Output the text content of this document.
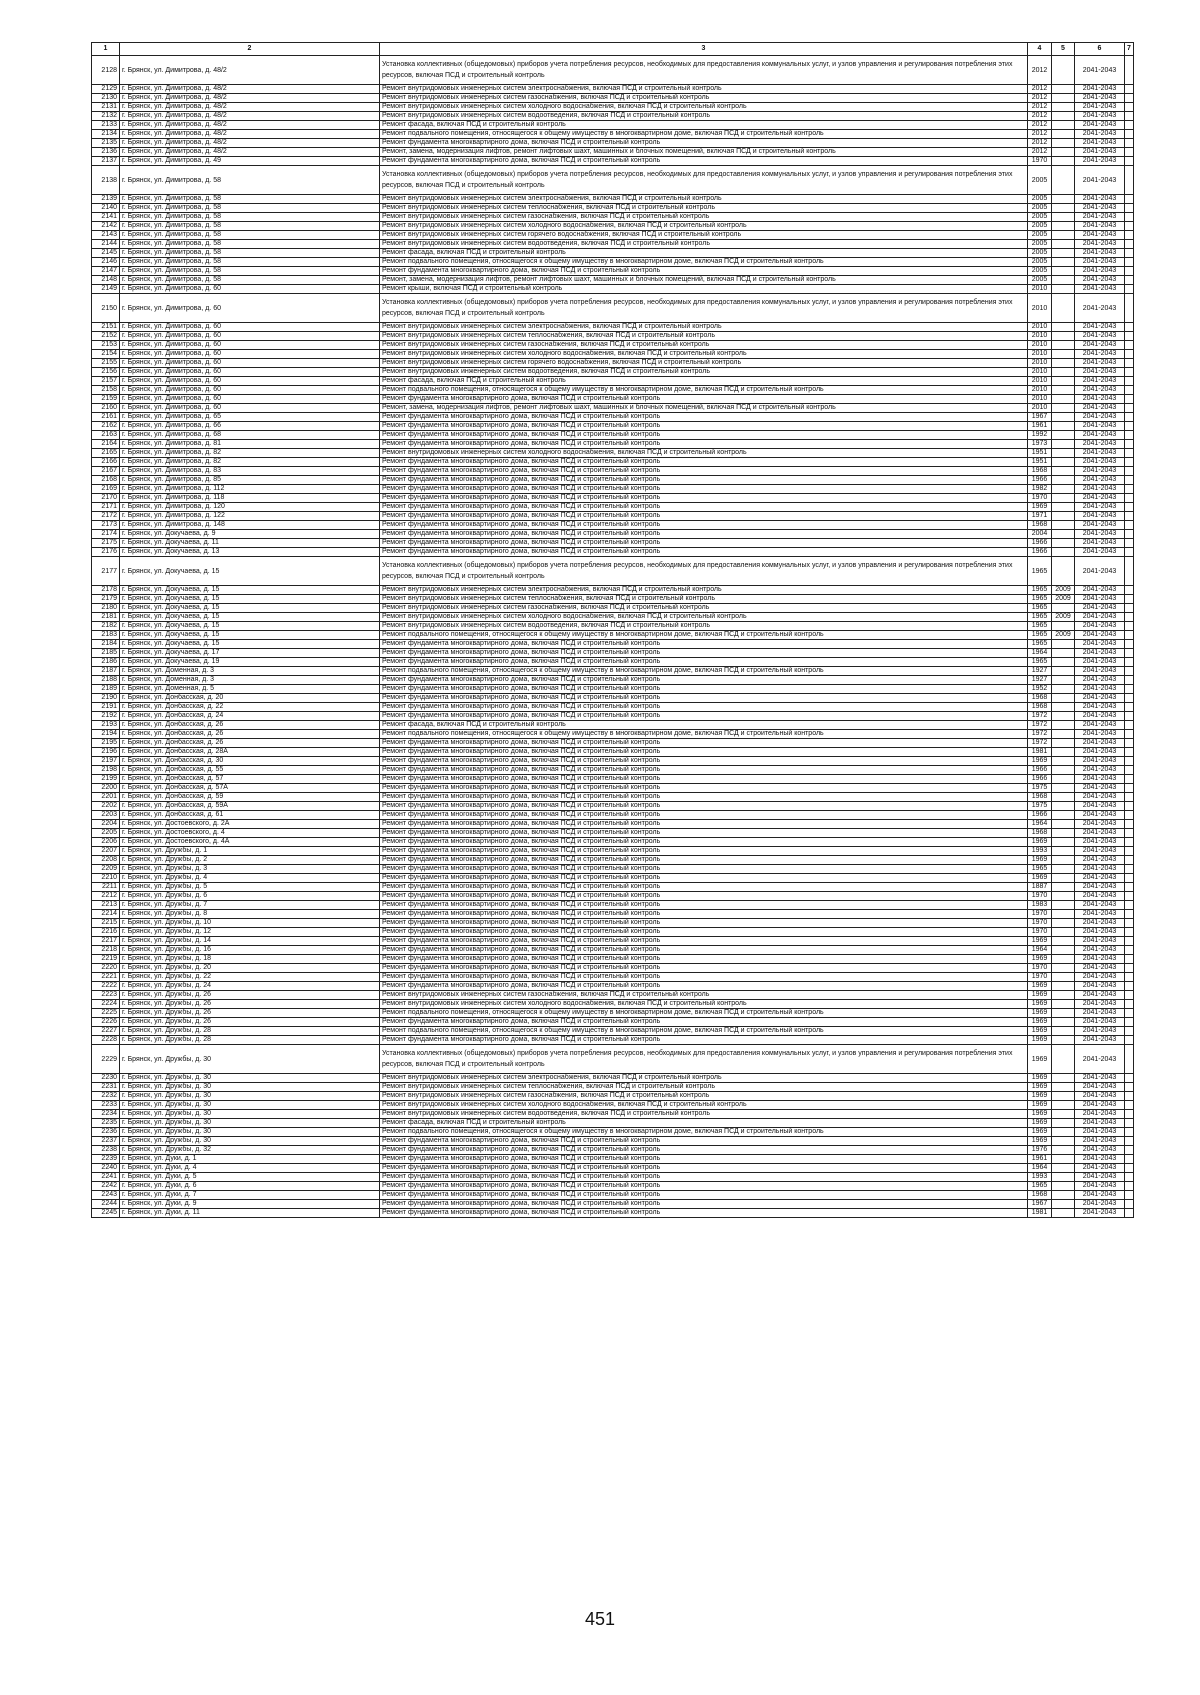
1	2	3	4	5	6	7
2128	г. Брянск, ул. Димитрова, д. 48/2	Установка коллективных (общедомовых) приборов учета потребления ресурсов, необходимых для предоставления коммунальных услуг, и узлов управления и регулирования потребления этих ресурсов, включая ПСД и строительный контроль	2012		2041-2043	
2129	г. Брянск, ул. Димитрова, д. 48/2	Ремонт внутридомовых инженерных систем электроснабжения, включая ПСД и строительный контроль	2012		2041-2043	
2130	г. Брянск, ул. Димитрова, д. 48/2	Ремонт внутридомовых инженерных систем газоснабжения, включая ПСД и строительный контроль	2012		2041-2043	
2131	г. Брянск, ул. Димитрова, д. 48/2	Ремонт внутридомовых инженерных систем холодного водоснабжения, включая ПСД и строительный контроль	2012		2041-2043	
2132	г. Брянск, ул. Димитрова, д. 48/2	Ремонт внутридомовых инженерных систем водоотведения, включая ПСД и строительный контроль	2012		2041-2043	
2133	г. Брянск, ул. Димитрова, д. 48/2	Ремонт фасада, включая ПСД и строительный контроль	2012		2041-2043	
2134	г. Брянск, ул. Димитрова, д. 48/2	Ремонт подвального помещения, относящегося к общему имуществу в многоквартирном доме, включая ПСД и строительный контроль	2012		2041-2043	
2135	г. Брянск, ул. Димитрова, д. 48/2	Ремонт фундамента многоквартирного дома, включая ПСД и строительный контроль	2012		2041-2043	
2136	г. Брянск, ул. Димитрова, д. 48/2	Ремонт, замена, модернизация лифтов, ремонт лифтовых шахт, машинных и блочных помещений, включая ПСД и строительный контроль	2012		2041-2043	
2137	г. Брянск, ул. Димитрова, д. 49	Ремонт фундамента многоквартирного дома, включая ПСД и строительный контроль	1970		2041-2043	
2138	г. Брянск, ул. Димитрова, д. 58	Установка коллективных (общедомовых) приборов учета потребления ресурсов, необходимых для предоставления коммунальных услуг, и узлов управления и регулирования потребления этих ресурсов, включая ПСД и строительный контроль	2005		2041-2043	
2139	г. Брянск, ул. Димитрова, д. 58	Ремонт внутридомовых инженерных систем электроснабжения, включая ПСД и строительный контроль	2005		2041-2043	
2140	г. Брянск, ул. Димитрова, д. 58	Ремонт внутридомовых инженерных систем теплоснабжения, включая ПСД и строительный контроль	2005		2041-2043	
2141	г. Брянск, ул. Димитрова, д. 58	Ремонт внутридомовых инженерных систем газоснабжения, включая ПСД и строительный контроль	2005		2041-2043	
2142	г. Брянск, ул. Димитрова, д. 58	Ремонт внутридомовых инженерных систем холодного водоснабжения, включая ПСД и строительный контроль	2005		2041-2043	
2143	г. Брянск, ул. Димитрова, д. 58	Ремонт внутридомовых инженерных систем горячего водоснабжения, включая ПСД и строительный контроль	2005		2041-2043	
2144	г. Брянск, ул. Димитрова, д. 58	Ремонт внутридомовых инженерных систем водоотведения, включая ПСД и строительный контроль	2005		2041-2043	
2145	г. Брянск, ул. Димитрова, д. 58	Ремонт фасада, включая ПСД и строительный контроль	2005		2041-2043	
2146	г. Брянск, ул. Димитрова, д. 58	Ремонт подвального помещения, относящегося к общему имуществу в многоквартирном доме, включая ПСД и строительный контроль	2005		2041-2043	
2147	г. Брянск, ул. Димитрова, д. 58	Ремонт фундамента многоквартирного дома, включая ПСД и строительный контроль	2005		2041-2043	
2148	г. Брянск, ул. Димитрова, д. 58	Ремонт, замена, модернизация лифтов, ремонт лифтовых шахт, машинных и блочных помещений, включая ПСД и строительный контроль	2005		2041-2043	
2149	г. Брянск, ул. Димитрова, д. 60	Ремонт крыши, включая ПСД и строительный контроль	2010		2041-2043	
2150	г. Брянск, ул. Димитрова, д. 60	Установка коллективных (общедомовых) приборов учета потребления ресурсов, необходимых для предоставления коммунальных услуг, и узлов управления и регулирования потребления этих ресурсов, включая ПСД и строительный контроль	2010		2041-2043	
2151	г. Брянск, ул. Димитрова, д. 60	Ремонт внутридомовых инженерных систем электроснабжения, включая ПСД и строительный контроль	2010		2041-2043	
2152	г. Брянск, ул. Димитрова, д. 60	Ремонт внутридомовых инженерных систем теплоснабжения, включая ПСД и строительный контроль	2010		2041-2043	
2153	г. Брянск, ул. Димитрова, д. 60	Ремонт внутридомовых инженерных систем газоснабжения, включая ПСД и строительный контроль	2010		2041-2043	
2154	г. Брянск, ул. Димитрова, д. 60	Ремонт внутридомовых инженерных систем холодного водоснабжения, включая ПСД и строительный контроль	2010		2041-2043	
2155	г. Брянск, ул. Димитрова, д. 60	Ремонт внутридомовых инженерных систем горячего водоснабжения, включая ПСД и строительный контроль	2010		2041-2043	
2156	г. Брянск, ул. Димитрова, д. 60	Ремонт внутридомовых инженерных систем водоотведения, включая ПСД и строительный контроль	2010		2041-2043	
2157	г. Брянск, ул. Димитрова, д. 60	Ремонт фасада, включая ПСД и строительный контроль	2010		2041-2043	
2158	г. Брянск, ул. Димитрова, д. 60	Ремонт подвального помещения, относящегося к общему имуществу в многоквартирном доме, включая ПСД и строительный контроль	2010		2041-2043	
2159	г. Брянск, ул. Димитрова, д. 60	Ремонт фундамента многоквартирного дома, включая ПСД и строительный контроль	2010		2041-2043	
2160	г. Брянск, ул. Димитрова, д. 60	Ремонт, замена, модернизация лифтов, ремонт лифтовых шахт, машинных и блочных помещений, включая ПСД и строительный контроль	2010		2041-2043	
2161	г. Брянск, ул. Димитрова, д. 65	Ремонт фундамента многоквартирного дома, включая ПСД и строительный контроль	1967		2041-2043	
2162	г. Брянск, ул. Димитрова, д. 66	Ремонт фундамента многоквартирного дома, включая ПСД и строительный контроль	1961		2041-2043	
2163	г. Брянск, ул. Димитрова, д. 68	Ремонт фундамента многоквартирного дома, включая ПСД и строительный контроль	1992		2041-2043	
2164	г. Брянск, ул. Димитрова, д. 81	Ремонт фундамента многоквартирного дома, включая ПСД и строительный контроль	1973		2041-2043	
2165	г. Брянск, ул. Димитрова, д. 82	Ремонт внутридомовых инженерных систем холодного водоснабжения, включая ПСД и строительный контроль	1951		2041-2043	
2166	г. Брянск, ул. Димитрова, д. 82	Ремонт фундамента многоквартирного дома, включая ПСД и строительный контроль	1951		2041-2043	
2167	г. Брянск, ул. Димитрова, д. 83	Ремонт фундамента многоквартирного дома, включая ПСД и строительный контроль	1968		2041-2043	
2168	г. Брянск, ул. Димитрова, д. 85	Ремонт фундамента многоквартирного дома, включая ПСД и строительный контроль	1966		2041-2043	
2169	г. Брянск, ул. Димитрова, д. 112	Ремонт фундамента многоквартирного дома, включая ПСД и строительный контроль	1982		2041-2043	
2170	г. Брянск, ул. Димитрова, д. 118	Ремонт фундамента многоквартирного дома, включая ПСД и строительный контроль	1970		2041-2043	
2171	г. Брянск, ул. Димитрова, д. 120	Ремонт фундамента многоквартирного дома, включая ПСД и строительный контроль	1969		2041-2043	
2172	г. Брянск, ул. Димитрова, д. 122	Ремонт фундамента многоквартирного дома, включая ПСД и строительный контроль	1971		2041-2043	
2173	г. Брянск, ул. Димитрова, д. 148	Ремонт фундамента многоквартирного дома, включая ПСД и строительный контроль	1968		2041-2043	
2174	г. Брянск, ул. Докучаева, д. 9	Ремонт фундамента многоквартирного дома, включая ПСД и строительный контроль	2004		2041-2043	
2175	г. Брянск, ул. Докучаева, д. 11	Ремонт фундамента многоквартирного дома, включая ПСД и строительный контроль	1966		2041-2043	
2176	г. Брянск, ул. Докучаева, д. 13	Ремонт фундамента многоквартирного дома, включая ПСД и строительный контроль	1966		2041-2043	
2177	г. Брянск, ул. Докучаева, д. 15	Установка коллективных (общедомовых) приборов учета потребления ресурсов, необходимых для предоставления коммунальных услуг, и узлов управления и регулирования потребления этих ресурсов, включая ПСД и строительный контроль	1965		2041-2043	
2178	г. Брянск, ул. Докучаева, д. 15	Ремонт внутридомовых инженерных систем электроснабжения, включая ПСД и строительный контроль	1965	2009	2041-2043	
2179	г. Брянск, ул. Докучаева, д. 15	Ремонт внутридомовых инженерных систем теплоснабжения, включая ПСД и строительный контроль	1965	2009	2041-2043	
2180	г. Брянск, ул. Докучаева, д. 15	Ремонт внутридомовых инженерных систем газоснабжения, включая ПСД и строительный контроль	1965		2041-2043	
2181	г. Брянск, ул. Докучаева, д. 15	Ремонт внутридомовых инженерных систем холодного водоснабжения, включая ПСД и строительный контроль	1965	2009	2041-2043	
2182	г. Брянск, ул. Докучаева, д. 15	Ремонт внутридомовых инженерных систем водоотведения, включая ПСД и строительный контроль	1965		2041-2043	
2183	г. Брянск, ул. Докучаева, д. 15	Ремонт подвального помещения, относящегося к общему имуществу в многоквартирном доме, включая ПСД и строительный контроль	1965	2009	2041-2043	
2184	г. Брянск, ул. Докучаева, д. 15	Ремонт фундамента многоквартирного дома, включая ПСД и строительный контроль	1965		2041-2043	
2185	г. Брянск, ул. Докучаева, д. 17	Ремонт фундамента многоквартирного дома, включая ПСД и строительный контроль	1964		2041-2043	
2186	г. Брянск, ул. Докучаева, д. 19	Ремонт фундамента многоквартирного дома, включая ПСД и строительный контроль	1965		2041-2043	
2187	г. Брянск, ул. Доменная, д. 3	Ремонт подвального помещения, относящегося к общему имуществу в многоквартирном доме, включая ПСД и строительный контроль	1927		2041-2043	
2188	г. Брянск, ул. Доменная, д. 3	Ремонт фундамента многоквартирного дома, включая ПСД и строительный контроль	1927		2041-2043	
2189	г. Брянск, ул. Доменная, д. 5	Ремонт фундамента многоквартирного дома, включая ПСД и строительный контроль	1952		2041-2043	
2190	г. Брянск, ул. Донбасская, д. 20	Ремонт фундамента многоквартирного дома, включая ПСД и строительный контроль	1968		2041-2043	
2191	г. Брянск, ул. Донбасская, д. 22	Ремонт фундамента многоквартирного дома, включая ПСД и строительный контроль	1968		2041-2043	
2192	г. Брянск, ул. Донбасская, д. 24	Ремонт фундамента многоквартирного дома, включая ПСД и строительный контроль	1972		2041-2043	
2193	г. Брянск, ул. Донбасская, д. 26	Ремонт фасада, включая ПСД и строительный контроль	1972		2041-2043	
2194	г. Брянск, ул. Донбасская, д. 26	Ремонт подвального помещения, относящегося к общему имуществу в многоквартирном доме, включая ПСД и строительный контроль	1972		2041-2043	
2195	г. Брянск, ул. Донбасская, д. 26	Ремонт фундамента многоквартирного дома, включая ПСД и строительный контроль	1972		2041-2043	
2196	г. Брянск, ул. Донбасская, д. 28А	Ремонт фундамента многоквартирного дома, включая ПСД и строительный контроль	1981		2041-2043	
2197	г. Брянск, ул. Донбасская, д. 30	Ремонт фундамента многоквартирного дома, включая ПСД и строительный контроль	1969		2041-2043	
2198	г. Брянск, ул. Донбасская, д. 55	Ремонт фундамента многоквартирного дома, включая ПСД и строительный контроль	1966		2041-2043	
2199	г. Брянск, ул. Донбасская, д. 57	Ремонт фундамента многоквартирного дома, включая ПСД и строительный контроль	1966		2041-2043	
2200	г. Брянск, ул. Донбасская, д. 57А	Ремонт фундамента многоквартирного дома, включая ПСД и строительный контроль	1975		2041-2043	
2201	г. Брянск, ул. Донбасская, д. 59	Ремонт фундамента многоквартирного дома, включая ПСД и строительный контроль	1968		2041-2043	
2202	г. Брянск, ул. Донбасская, д. 59А	Ремонт фундамента многоквартирного дома, включая ПСД и строительный контроль	1975		2041-2043	
2203	г. Брянск, ул. Донбасская, д. 61	Ремонт фундамента многоквартирного дома, включая ПСД и строительный контроль	1966		2041-2043	
2204	г. Брянск, ул. Достоевского, д. 2А	Ремонт фундамента многоквартирного дома, включая ПСД и строительный контроль	1964		2041-2043	
2205	г. Брянск, ул. Достоевского, д. 4	Ремонт фундамента многоквартирного дома, включая ПСД и строительный контроль	1968		2041-2043	
2206	г. Брянск, ул. Достоевского, д. 4А	Ремонт фундамента многоквартирного дома, включая ПСД и строительный контроль	1969		2041-2043	
2207	г. Брянск, ул. Дружбы, д. 1	Ремонт фундамента многоквартирного дома, включая ПСД и строительный контроль	1993		2041-2043	
2208	г. Брянск, ул. Дружбы, д. 2	Ремонт фундамента многоквартирного дома, включая ПСД и строительный контроль	1969		2041-2043	
2209	г. Брянск, ул. Дружбы, д. 3	Ремонт фундамента многоквартирного дома, включая ПСД и строительный контроль	1965		2041-2043	
2210	г. Брянск, ул. Дружбы, д. 4	Ремонт фундамента многоквартирного дома, включая ПСД и строительный контроль	1969		2041-2043	
2211	г. Брянск, ул. Дружбы, д. 5	Ремонт фундамента многоквартирного дома, включая ПСД и строительный контроль	1887		2041-2043	
2212	г. Брянск, ул. Дружбы, д. 6	Ремонт фундамента многоквартирного дома, включая ПСД и строительный контроль	1970		2041-2043	
2213	г. Брянск, ул. Дружбы, д. 7	Ремонт фундамента многоквартирного дома, включая ПСД и строительный контроль	1983		2041-2043	
2214	г. Брянск, ул. Дружбы, д. 8	Ремонт фундамента многоквартирного дома, включая ПСД и строительный контроль	1970		2041-2043	
2215	г. Брянск, ул. Дружбы, д. 10	Ремонт фундамента многоквартирного дома, включая ПСД и строительный контроль	1970		2041-2043	
2216	г. Брянск, ул. Дружбы, д. 12	Ремонт фундамента многоквартирного дома, включая ПСД и строительный контроль	1970		2041-2043	
2217	г. Брянск, ул. Дружбы, д. 14	Ремонт фундамента многоквартирного дома, включая ПСД и строительный контроль	1969		2041-2043	
2218	г. Брянск, ул. Дружбы, д. 16	Ремонт фундамента многоквартирного дома, включая ПСД и строительный контроль	1964		2041-2043	
2219	г. Брянск, ул. Дружбы, д. 18	Ремонт фундамента многоквартирного дома, включая ПСД и строительный контроль	1969		2041-2043	
2220	г. Брянск, ул. Дружбы, д. 20	Ремонт фундамента многоквартирного дома, включая ПСД и строительный контроль	1970		2041-2043	
2221	г. Брянск, ул. Дружбы, д. 22	Ремонт фундамента многоквартирного дома, включая ПСД и строительный контроль	1970		2041-2043	
2222	г. Брянск, ул. Дружбы, д. 24	Ремонт фундамента многоквартирного дома, включая ПСД и строительный контроль	1969		2041-2043	
2223	г. Брянск, ул. Дружбы, д. 26	Ремонт внутридомовых инженерных систем газоснабжения, включая ПСД и строительный контроль	1969		2041-2043	
2224	г. Брянск, ул. Дружбы, д. 26	Ремонт внутридомовых инженерных систем холодного водоснабжения, включая ПСД и строительный контроль	1969		2041-2043	
2225	г. Брянск, ул. Дружбы, д. 26	Ремонт подвального помещения, относящегося к общему имуществу в многоквартирном доме, включая ПСД и строительный контроль	1969		2041-2043	
2226	г. Брянск, ул. Дружбы, д. 26	Ремонт фундамента многоквартирного дома, включая ПСД и строительный контроль	1969		2041-2043	
2227	г. Брянск, ул. Дружбы, д. 28	Ремонт подвального помещения, относящегося к общему имуществу в многоквартирном доме, включая ПСД и строительный контроль	1969		2041-2043	
2228	г. Брянск, ул. Дружбы, д. 28	Ремонт фундамента многоквартирного дома, включая ПСД и строительный контроль	1969		2041-2043	
2229	г. Брянск, ул. Дружбы, д. 30	Установка коллективных (общедомовых) приборов учета потребления ресурсов, необходимых для предоставления коммунальных услуг, и узлов управления и регулирования потребления этих ресурсов, включая ПСД и строительный контроль	1969		2041-2043	
2230	г. Брянск, ул. Дружбы, д. 30	Ремонт внутридомовых инженерных систем электроснабжения, включая ПСД и строительный контроль	1969		2041-2043	
2231	г. Брянск, ул. Дружбы, д. 30	Ремонт внутридомовых инженерных систем теплоснабжения, включая ПСД и строительный контроль	1969		2041-2043	
2232	г. Брянск, ул. Дружбы, д. 30	Ремонт внутридомовых инженерных систем газоснабжения, включая ПСД и строительный контроль	1969		2041-2043	
2233	г. Брянск, ул. Дружбы, д. 30	Ремонт внутридомовых инженерных систем холодного водоснабжения, включая ПСД и строительный контроль	1969		2041-2043	
2234	г. Брянск, ул. Дружбы, д. 30	Ремонт внутридомовых инженерных систем водоотведения, включая ПСД и строительный контроль	1969		2041-2043	
2235	г. Брянск, ул. Дружбы, д. 30	Ремонт фасада, включая ПСД и строительный контроль	1969		2041-2043	
2236	г. Брянск, ул. Дружбы, д. 30	Ремонт подвального помещения, относящегося к общему имуществу в многоквартирном доме, включая ПСД и строительный контроль	1969		2041-2043	
2237	г. Брянск, ул. Дружбы, д. 30	Ремонт фундамента многоквартирного дома, включая ПСД и строительный контроль	1969		2041-2043	
2238	г. Брянск, ул. Дружбы, д. 32	Ремонт фундамента многоквартирного дома, включая ПСД и строительный контроль	1976		2041-2043	
2239	г. Брянск, ул. Дуки, д. 1	Ремонт фундамента многоквартирного дома, включая ПСД и строительный контроль	1961		2041-2043	
2240	г. Брянск, ул. Дуки, д. 4	Ремонт фундамента многоквартирного дома, включая ПСД и строительный контроль	1964		2041-2043	
2241	г. Брянск, ул. Дуки, д. 5	Ремонт фундамента многоквартирного дома, включая ПСД и строительный контроль	1993		2041-2043	
2242	г. Брянск, ул. Дуки, д. 6	Ремонт фундамента многоквартирного дома, включая ПСД и строительный контроль	1965		2041-2043	
2243	г. Брянск, ул. Дуки, д. 7	Ремонт фундамента многоквартирного дома, включая ПСД и строительный контроль	1968		2041-2043	
2244	г. Брянск, ул. Дуки, д. 9	Ремонт фундамента многоквартирного дома, включая ПСД и строительный контроль	1967		2041-2043	
2245	г. Брянск, ул. Дуки, д. 11	Ремонт фундамента многоквартирного дома, включая ПСД и строительный контроль	1981		2041-2043	
451
